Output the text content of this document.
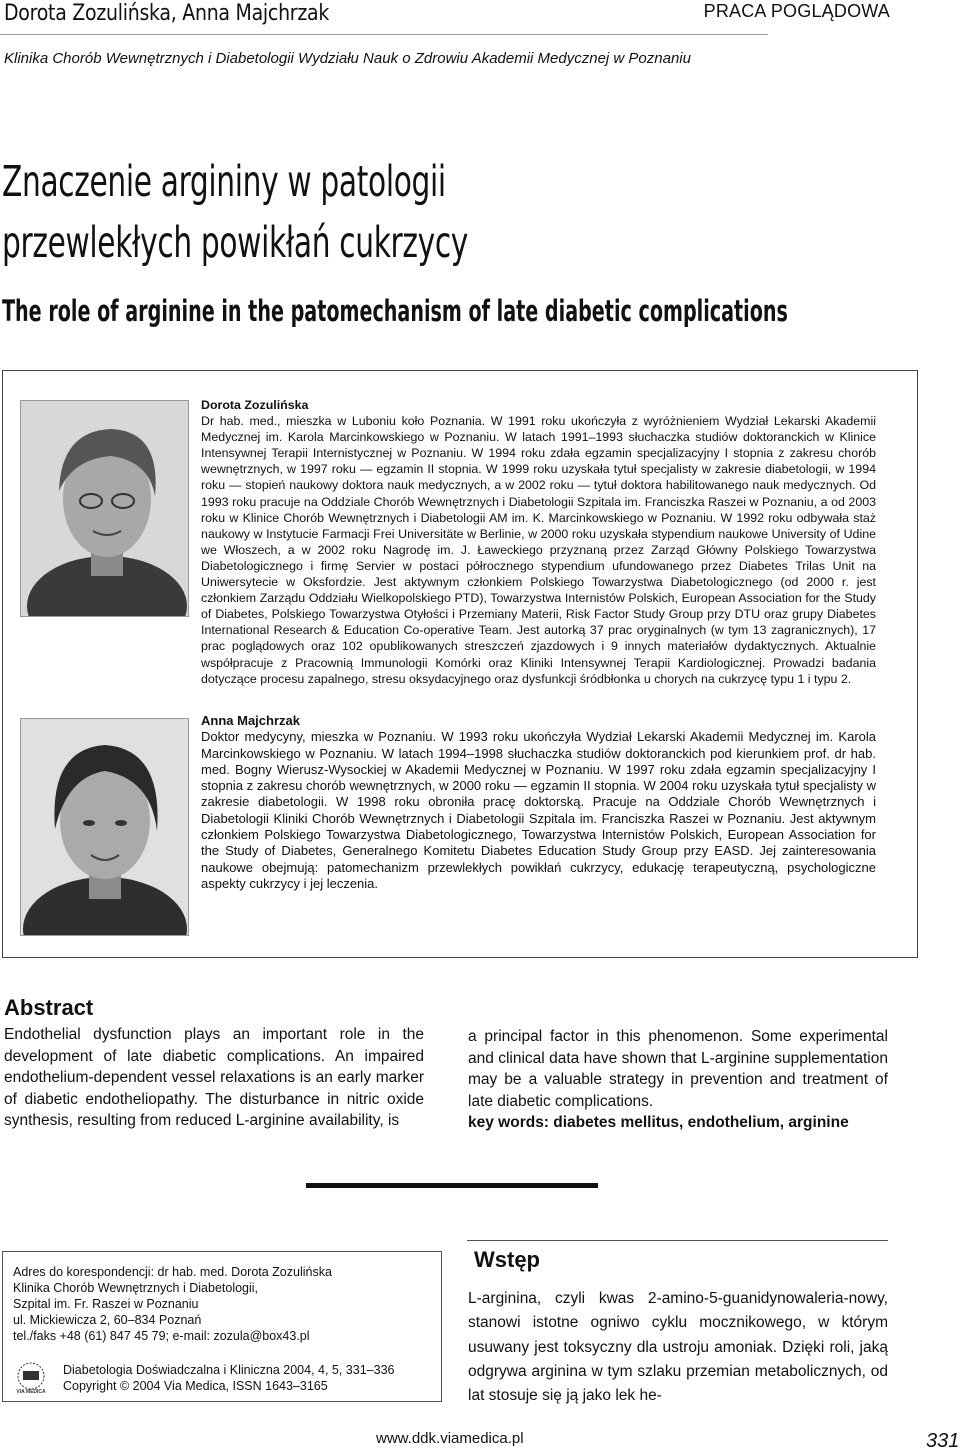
Dorota Zozulińska, Anna Majchrzak	PRACA POGLĄDOWA
Klinika Chorób Wewnętrznych i Diabetologii Wydziału Nauk o Zdrowiu Akademii Medycznej w Poznaniu
Znaczenie argininy w patologii
przewlekłych powikłań cukrzycy
The role of arginine in the patomechanism of late diabetic complications
Dorota Zozulińska

Dr hab. med., mieszka w Luboniu koło Poznania. W 1991 roku ukończyła z wyróżnieniem Wydział Lekarski Akademii Medycznej im. Karola Marcinkowskiego w Poznaniu. W latach 1991–1993 słuchaczka studiów doktoranckich w Klinice Intensywnej Terapii Internistycznej w Poznaniu. W 1994 roku zdała egzamin specjalizacyjny I stopnia z zakresu chorób wewnętrznych, w 1997 roku — egzamin II stopnia. W 1999 roku uzyskała tytuł specjalisty w zakresie diabetologii, w 1994 roku — stopień naukowy doktora nauk medycznych, a w 2002 roku — tytuł doktora habilitowanego nauk medycznych. Od 1993 roku pracuje na Oddziale Chorób Wewnętrznych i Diabetologii Szpitala im. Franciszka Raszei w Poznaniu, a od 2003 roku w Klinice Chorób Wewnętrznych i Diabetologii AM im. K. Marcinkowskiego w Poznaniu. W 1992 roku odbywała staż naukowy w Instytucie Farmacji Frei Universitäte w Berlinie, w 2000 roku uzyskała stypendium naukowe University of Udine we Włoszech, a w 2002 roku Nagrodę im. J. Ławeckiego przyznaną przez Zarząd Główny Polskiego Towarzystwa Diabetologicznego i firmę Servier w postaci półrocznego stypendium ufundowanego przez Diabetes Trilas Unit na Uniwersytecie w Oksfordzie. Jest aktywnym członkiem Polskiego Towarzystwa Diabetologicznego (od 2000 r. jest członkiem Zarządu Oddziału Wielkopolskiego PTD), Towarzystwa Internistów Polskich, European Association for the Study of Diabetes, Polskiego Towarzystwa Otyłości i Przemiany Materii, Risk Factor Study Group przy DTU oraz grupy Diabetes International Research & Education Co-operative Team. Jest autorką 37 prac oryginalnych (w tym 13 zagranicznych), 17 prac poglądowych oraz 102 opublikowanych streszczeń zjazdowych i 9 innych materiałów dydaktycznych. Aktualnie współpracuje z Pracownią Immunologii Komórki oraz Kliniki Intensywnej Terapii Kardiologicznej. Prowadzi badania dotyczące procesu zapalnego, stresu oksydacyjnego oraz dysfunkcji śródbłonka u chorych na cukrzycę typu 1 i typu 2.

Anna Majchrzak

Doktor medycyny, mieszka w Poznaniu. W 1993 roku ukończyła Wydział Lekarski Akademii Medycznej im. Karola Marcinkowskiego w Poznaniu. W latach 1994–1998 słuchaczka studiów doktoranckich pod kierunkiem prof. dr hab. med. Bogny Wierusz-Wysockiej w Akademii Medycznej w Poznaniu. W 1997 roku zdała egzamin specjalizacyjny I stopnia z zakresu chorób wewnętrznych, w 2000 roku — egzamin II stopnia. W 2004 roku uzyskała tytuł specjalisty w zakresie diabetologii. W 1998 roku obroniła pracę doktorską. Pracuje na Oddziale Chorób Wewnętrznych i Diabetologii Kliniki Chorób Wewnętrznych i Diabetologii Szpitala im. Franciszka Raszei w Poznaniu. Jest aktywnym członkiem Polskiego Towarzystwa Diabetologicznego, Towarzystwa Internistów Polskich, European Association for the Study of Diabetes, Generalnego Komitetu Diabetes Education Study Group przy EASD. Jej zainteresowania naukowe obejmują: patomechanizm przewlekłych powikłań cukrzycy, edukację terapeutyczną, psychologiczne aspekty cukrzycy i jej leczenia.

Abstract
Endothelial dysfunction plays an important role in the development of late diabetic complications. An impaired endothelium-dependent vessel relaxations is an early marker of diabetic endotheliopathy. The disturbance in nitric oxide synthesis, resulting from reduced L-arginine availability, is
a principal factor in this phenomenon. Some experimental and clinical data have shown that L-arginine supplementation may be a valuable strategy in prevention and treatment of late diabetic complications.
key words: diabetes mellitus, endothelium, arginine
Adres do korespondencji: dr hab. med. Dorota Zozulińska
Klinika Chorób Wewnętrznych i Diabetologii,
Szpital im. Fr. Raszei w Poznaniu
ul. Mickiewicza 2, 60–834 Poznań
tel./faks +48 (61) 847 45 79; e-mail: zozula@box43.pl
VIA MEDICA
Diabetologia Doświadczalna i Kliniczna 2004, 4, 5, 331–336
Copyright © 2004 Via Medica, ISSN 1643–3165
Wstęp
L-arginina, czyli kwas 2-amino-5-guanidynowaleria-nowy, stanowi istotne ogniwo cyklu mocznikowego, w którym usuwany jest toksyczny dla ustroju amoniak. Dzięki roli, jaką odgrywa arginina w tym szlaku przemian metabolicznych, od lat stosuje się ją jako lek he-
www.ddk.viamedica.pl	331
